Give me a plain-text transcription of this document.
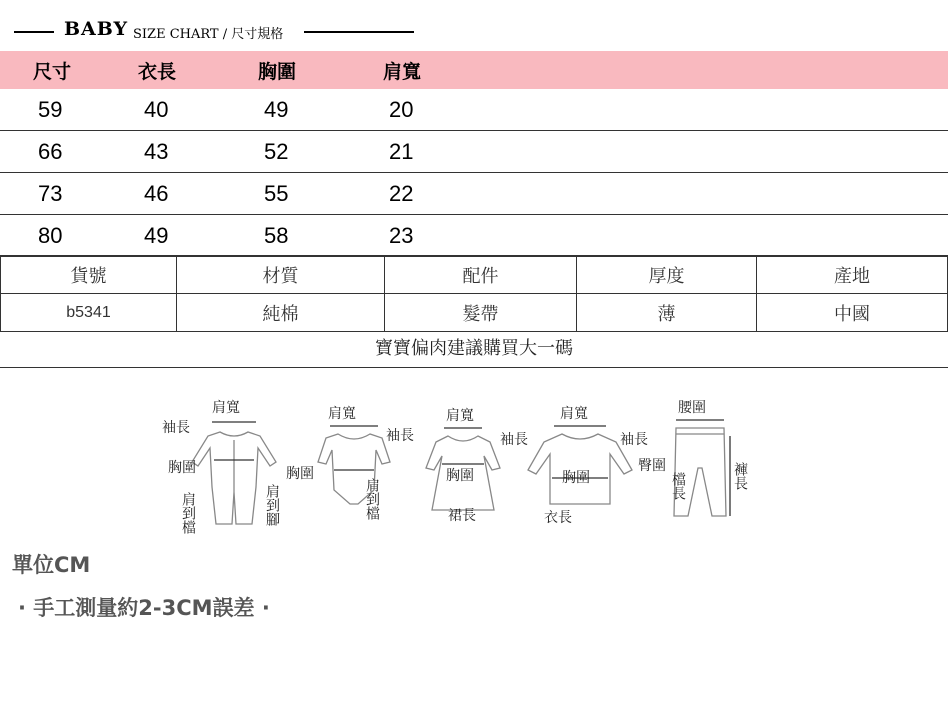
BABY SIZE CHART / 尺寸規格
尺寸	衣長	胸圍	肩寬
59	40	49	20
66	43	52	21
73	46	55	22
80	49	58	23
貨號	材質	配件	厚度	產地
b5341	純棉	髮帶	薄	中國
寶寶偏肉建議購買大一碼
肩寬
袖長
胸圍
肩到檔	肩到腳
肩寬
袖長
胸圍
肩到檔
肩寬
袖長
胸圍
裙長
肩寬
袖長
胸圍
衣長
腰圍
臀圍
檔長	褲長
單位CM
· 手工測量約2-3CM誤差 ·
